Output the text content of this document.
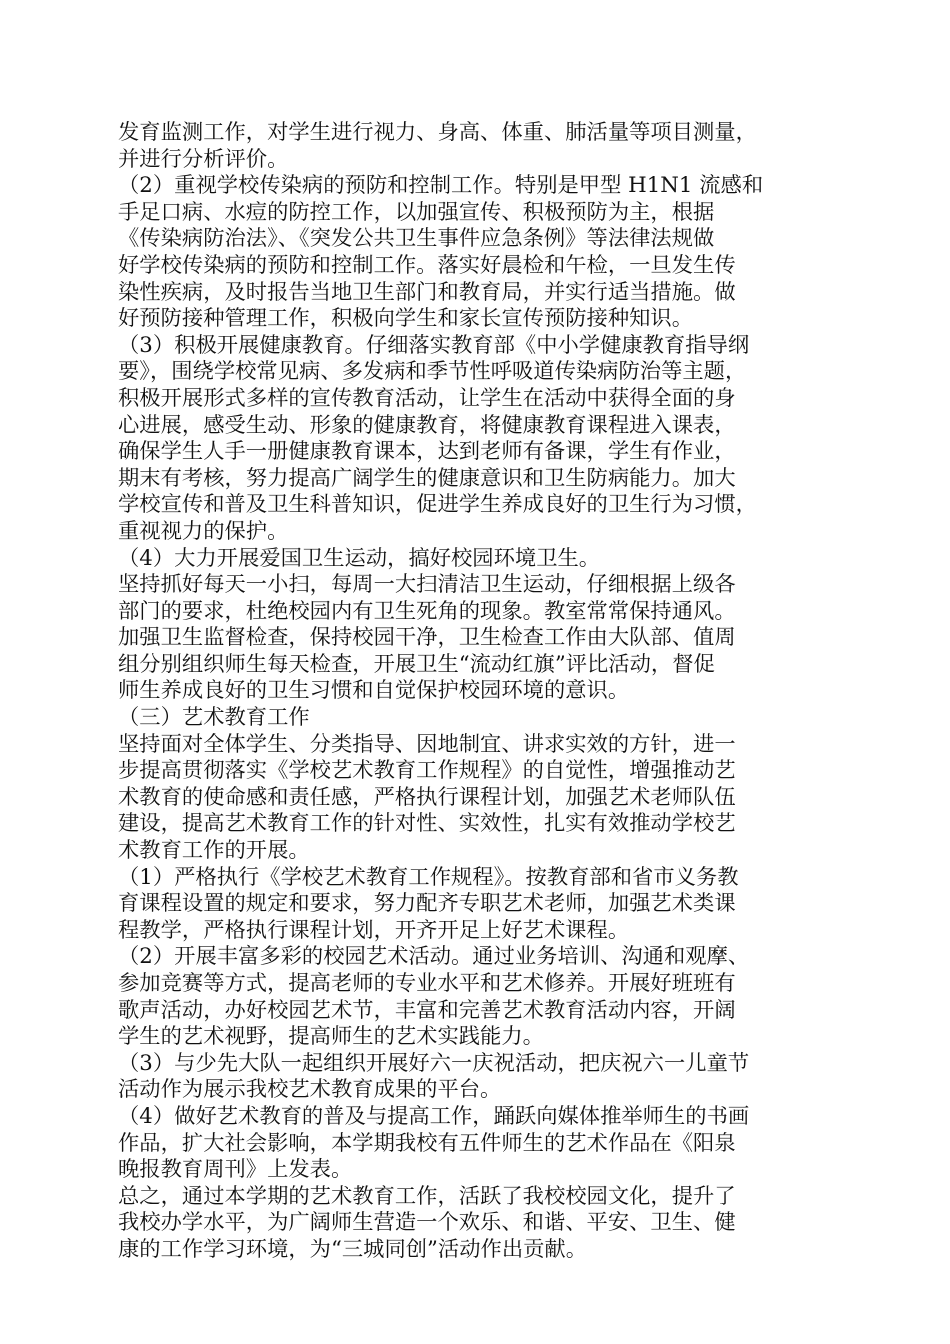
发育监测工作，对学生进行视力、身高、体重、肺活量等项目测量，
并进行分析评价。
（2）重视学校传染病的预防和控制工作。特别是甲型 H1N1 流感和
手足口病、水痘的防控工作，以加强宣传、积极预防为主，根据
《传染病防治法》、《突发公共卫生事件应急条例》等法律法规做
好学校传染病的预防和控制工作。落实好晨检和午检，一旦发生传
染性疾病，及时报告当地卫生部门和教育局，并实行适当措施。做
好预防接种管理工作，积极向学生和家长宣传预防接种知识。
（3）积极开展健康教育。仔细落实教育部《中小学健康教育指导纲
要》，围绕学校常见病、多发病和季节性呼吸道传染病防治等主题，
积极开展形式多样的宣传教育活动，让学生在活动中获得全面的身
心进展，感受生动、形象的健康教育，将健康教育课程进入课表，
确保学生人手一册健康教育课本，达到老师有备课，学生有作业，
期末有考核，努力提高广阔学生的健康意识和卫生防病能力。加大
学校宣传和普及卫生科普知识，促进学生养成良好的卫生行为习惯，
重视视力的保护。
（4）大力开展爱国卫生运动，搞好校园环境卫生。
坚持抓好每天一小扫，每周一大扫清洁卫生运动，仔细根据上级各
部门的要求，杜绝校园内有卫生死角的现象。教室常常保持通风。
加强卫生监督检查，保持校园干净，卫生检查工作由大队部、值周
组分别组织师生每天检查，开展卫生“流动红旗”评比活动，督促
师生养成良好的卫生习惯和自觉保护校园环境的意识。
（三）艺术教育工作
坚持面对全体学生、分类指导、因地制宜、讲求实效的方针，进一
步提高贯彻落实《学校艺术教育工作规程》的自觉性，增强推动艺
术教育的使命感和责任感，严格执行课程计划，加强艺术老师队伍
建设，提高艺术教育工作的针对性、实效性，扎实有效推动学校艺
术教育工作的开展。
（1）严格执行《学校艺术教育工作规程》。按教育部和省市义务教
育课程设置的规定和要求，努力配齐专职艺术老师，加强艺术类课
程教学，严格执行课程计划，开齐开足上好艺术课程。
（2）开展丰富多彩的校园艺术活动。通过业务培训、沟通和观摩、
参加竞赛等方式，提高老师的专业水平和艺术修养。开展好班班有
歌声活动，办好校园艺术节，丰富和完善艺术教育活动内容，开阔
学生的艺术视野，提高师生的艺术实践能力。
（3）与少先大队一起组织开展好六一庆祝活动，把庆祝六一儿童节
活动作为展示我校艺术教育成果的平台。
（4）做好艺术教育的普及与提高工作，踊跃向媒体推举师生的书画
作品，扩大社会影响，本学期我校有五件师生的艺术作品在《阳泉
晚报教育周刊》上发表。
总之，通过本学期的艺术教育工作，活跃了我校校园文化，提升了
我校办学水平，为广阔师生营造一个欢乐、和谐、平安、卫生、健
康的工作学习环境，为“三城同创”活动作出贡献。
